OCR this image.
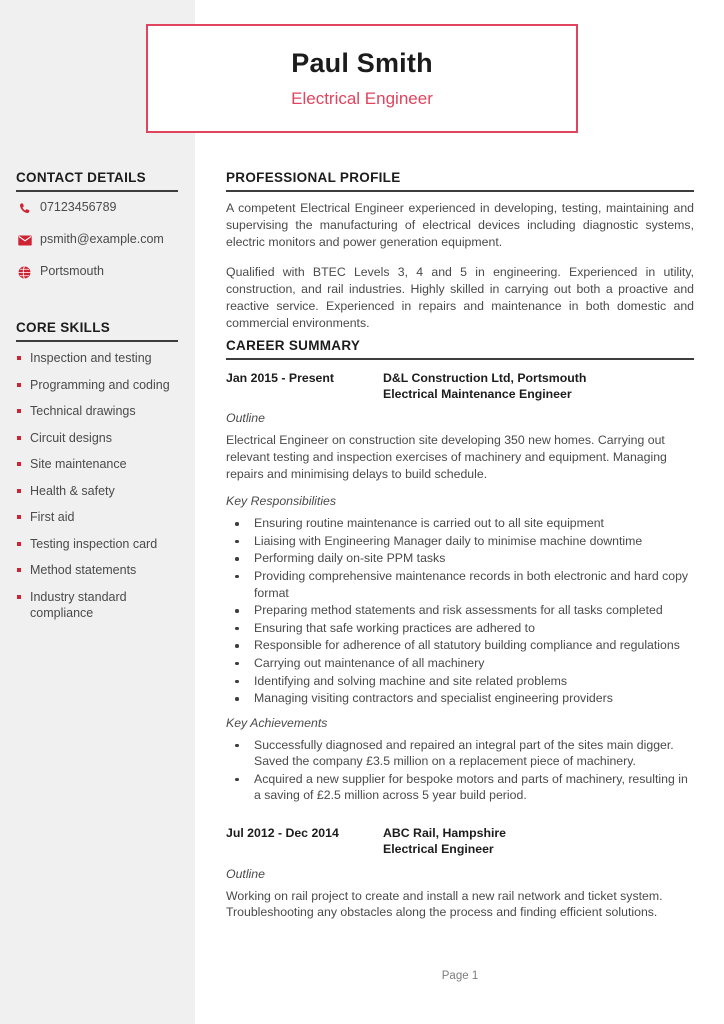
Paul Smith
Electrical Engineer
CONTACT DETAILS
07123456789
psmith@example.com
Portsmouth
CORE SKILLS
Inspection and testing
Programming and coding
Technical drawings
Circuit designs
Site maintenance
Health & safety
First aid
Testing inspection card
Method statements
Industry standard compliance
PROFESSIONAL PROFILE

A competent Electrical Engineer experienced in developing, testing, maintaining and supervising the manufacturing of electrical devices including diagnostic systems, electric monitors and power generation equipment.

Qualified with BTEC Levels 3, 4 and 5 in engineering. Experienced in utility, construction, and rail industries. Highly skilled in carrying out both a proactive and reactive service. Experienced in repairs and maintenance in both domestic and commercial environments.

CAREER SUMMARY
Jan 2015 - Present	D&L Construction Ltd, Portsmouth
Electrical Maintenance Engineer
Outline
Electrical Engineer on construction site developing 350 new homes. Carrying out relevant testing and inspection exercises of machinery and equipment. Managing repairs and minimising delays to build schedule.
Key Responsibilities
Ensuring routine maintenance is carried out to all site equipment
Liaising with Engineering Manager daily to minimise machine downtime
Performing daily on-site PPM tasks
Providing comprehensive maintenance records in both electronic and hard copy format
Preparing method statements and risk assessments for all tasks completed
Ensuring that safe working practices are adhered to
Responsible for adherence of all statutory building compliance and regulations
Carrying out maintenance of all machinery
Identifying and solving machine and site related problems
Managing visiting contractors and specialist engineering providers
Key Achievements
Successfully diagnosed and repaired an integral part of the sites main digger. Saved the company £3.5 million on a replacement piece of machinery.
Acquired a new supplier for bespoke motors and parts of machinery, resulting in a saving of £2.5 million across 5 year build period.
Jul 2012 - Dec 2014	ABC Rail, Hampshire
Electrical Engineer
Outline
Working on rail project to create and install a new rail network and ticket system. Troubleshooting any obstacles along the process and finding efficient solutions.
Page 1
